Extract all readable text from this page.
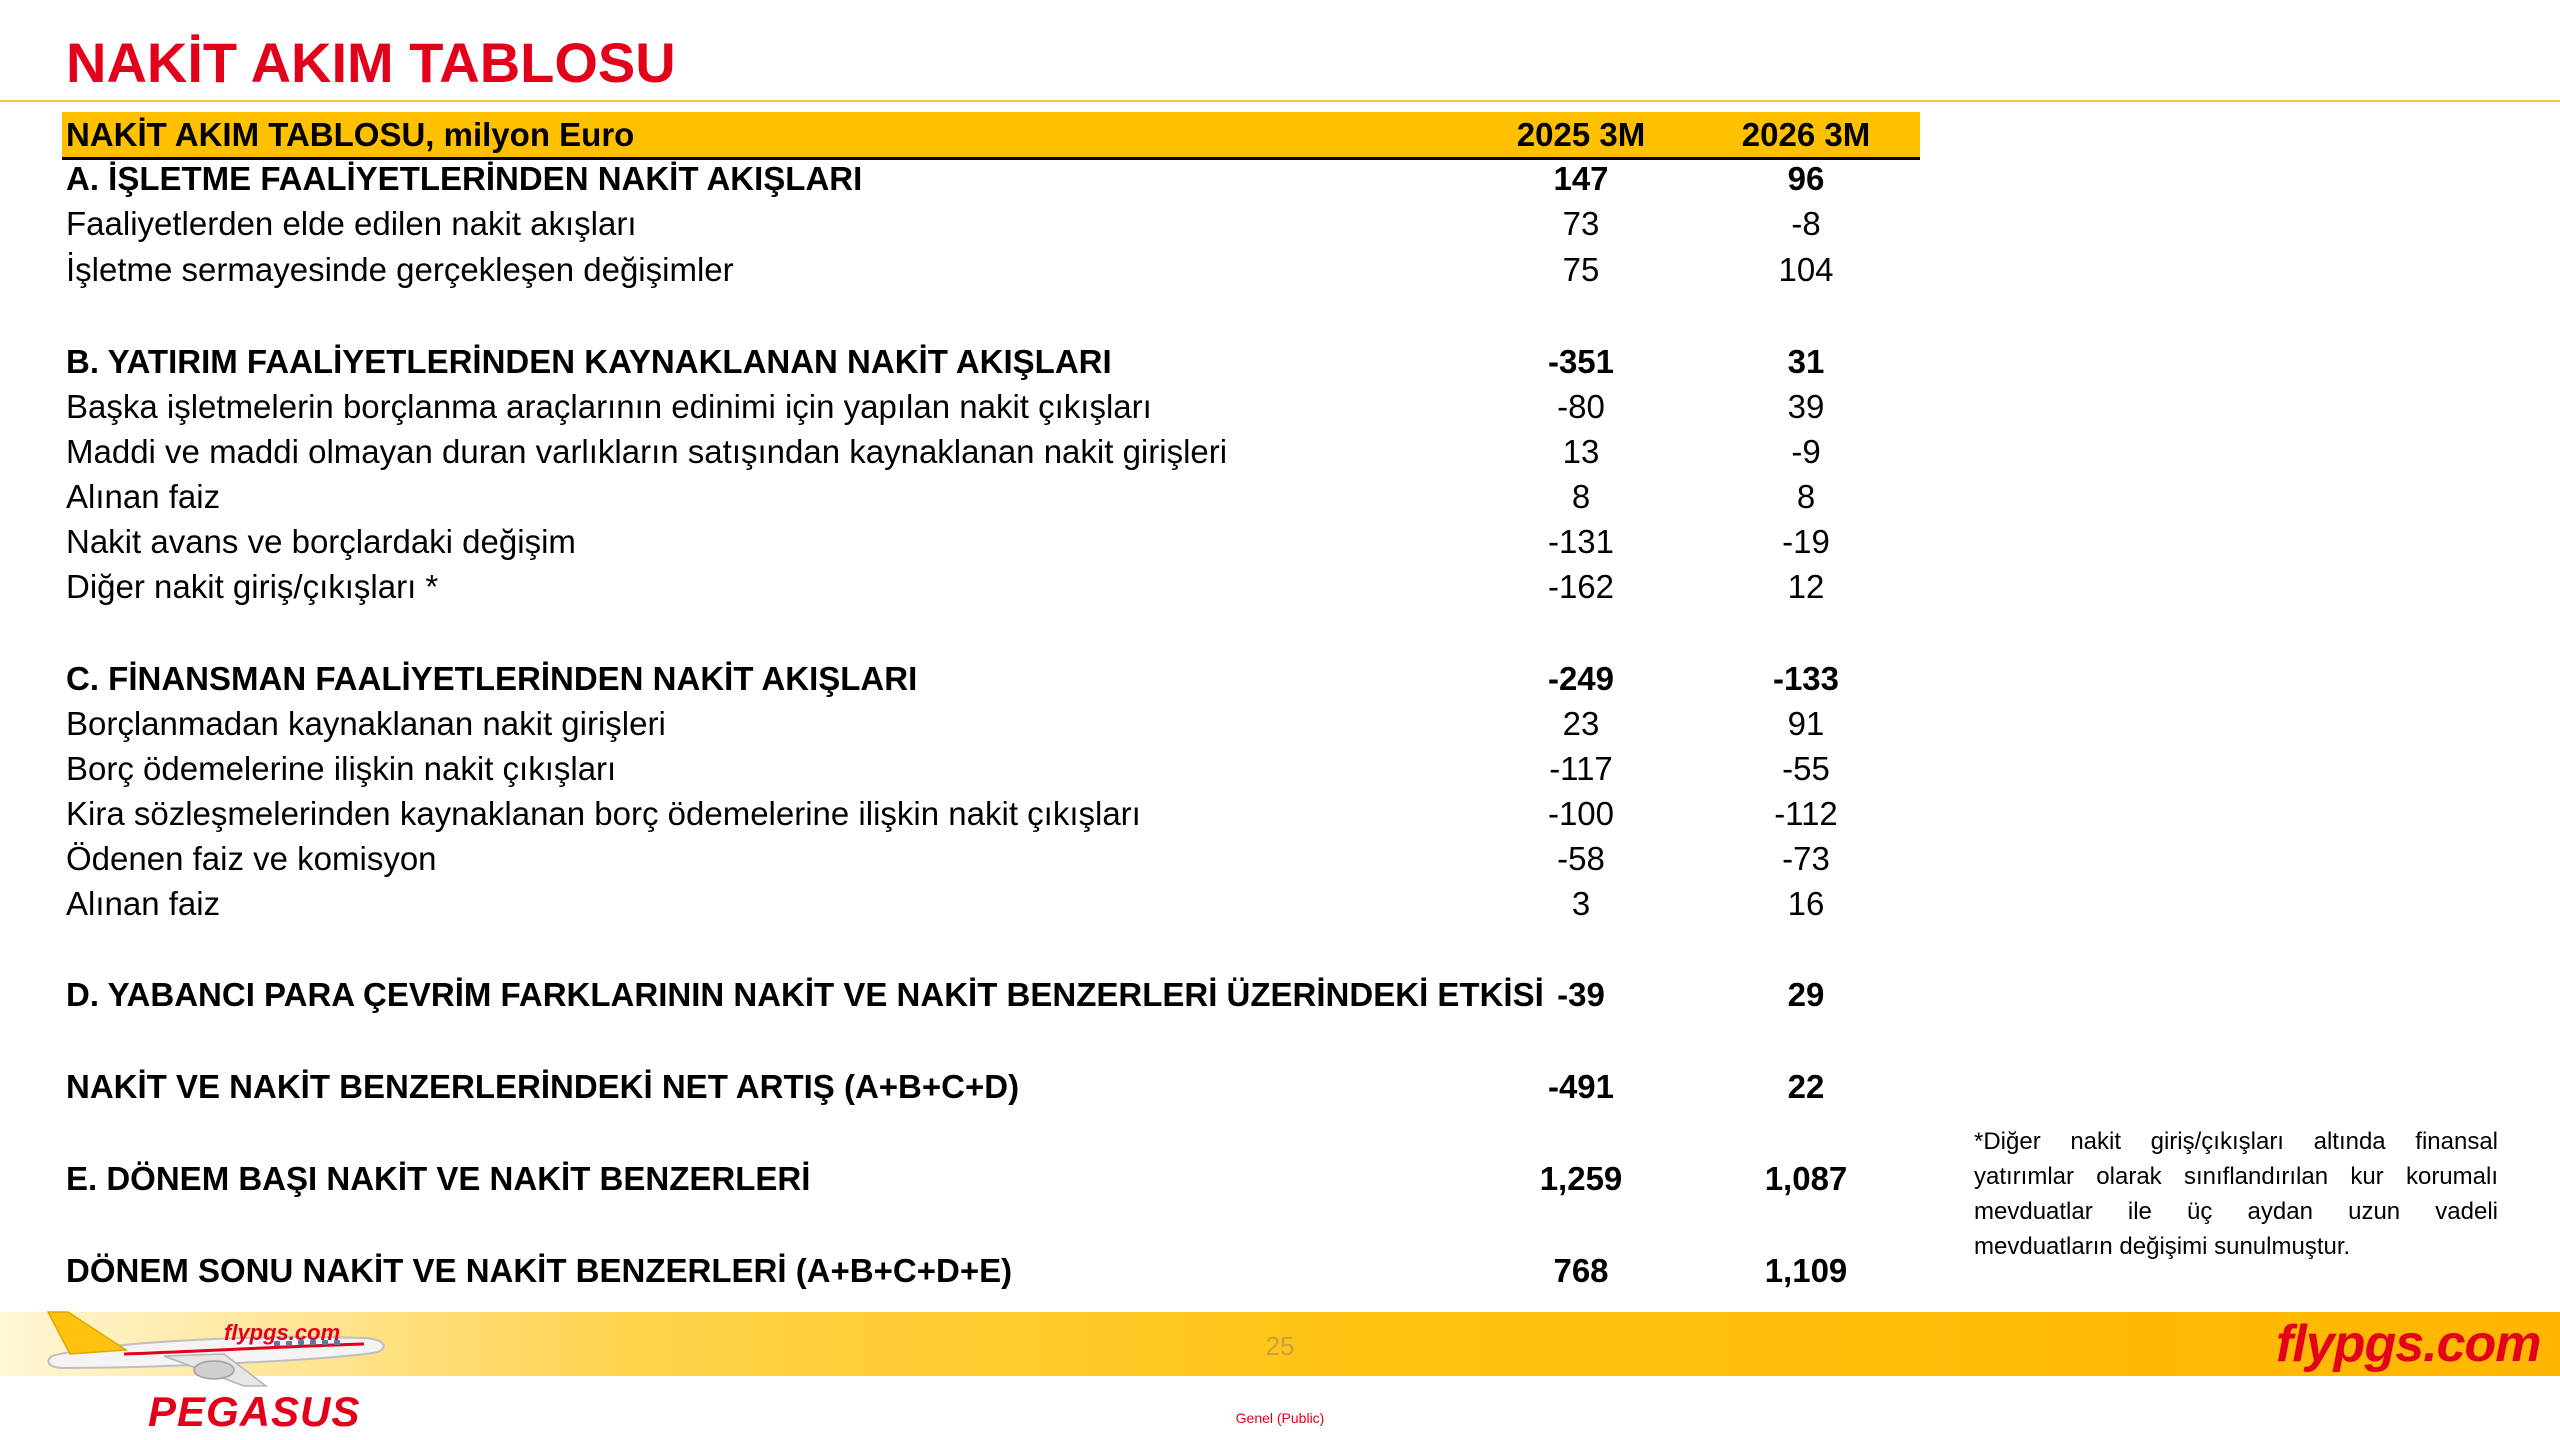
NAKİT AKIM TABLOSU
NAKİT AKIM TABLOSU, milyon Euro	2025 3M	2026 3M
A. İŞLETME FAALİYETLERİNDEN NAKİT AKIŞLARI	147	96
Faaliyetlerden elde edilen nakit akışları	73	-8
İşletme sermayesinde gerçekleşen değişimler	75	104
B. YATIRIM FAALİYETLERİNDEN KAYNAKLANAN NAKİT AKIŞLARI	-351	31
Başka işletmelerin borçlanma araçlarının edinimi için yapılan nakit çıkışları	-80	39
Maddi ve maddi olmayan duran varlıkların satışından kaynaklanan nakit girişleri	13	-9
Alınan faiz	8	8
Nakit avans ve borçlardaki değişim	-131	-19
Diğer nakit giriş/çıkışları *	-162	12
C. FİNANSMAN FAALİYETLERİNDEN NAKİT AKIŞLARI	-249	-133
Borçlanmadan kaynaklanan nakit girişleri	23	91
Borç ödemelerine ilişkin nakit çıkışları	-117	-55
Kira sözleşmelerinden kaynaklanan borç ödemelerine ilişkin nakit çıkışları	-100	-112
Ödenen faiz ve komisyon	-58	-73
Alınan faiz	3	16
D. YABANCI PARA ÇEVRİM FARKLARININ NAKİT VE NAKİT BENZERLERİ ÜZERİNDEKİ ETKİSİ -39	29
NAKİT VE NAKİT BENZERLERİNDEKİ NET ARTIŞ (A+B+C+D)	-491	22
E. DÖNEM BAŞI NAKİT VE NAKİT BENZERLERİ	1,259	1,087
DÖNEM SONU NAKİT VE NAKİT BENZERLERİ (A+B+C+D+E)	768	1,109
*Diğer nakit giriş/çıkışları altında finansal yatırımlar olarak sınıflandırılan kur korumalı mevduatlar ile üç aydan uzun vadeli mevduatların değişimi sunulmuştur.
25	flypgs.com
flypgs.com
PEGASUS	Genel (Public)
